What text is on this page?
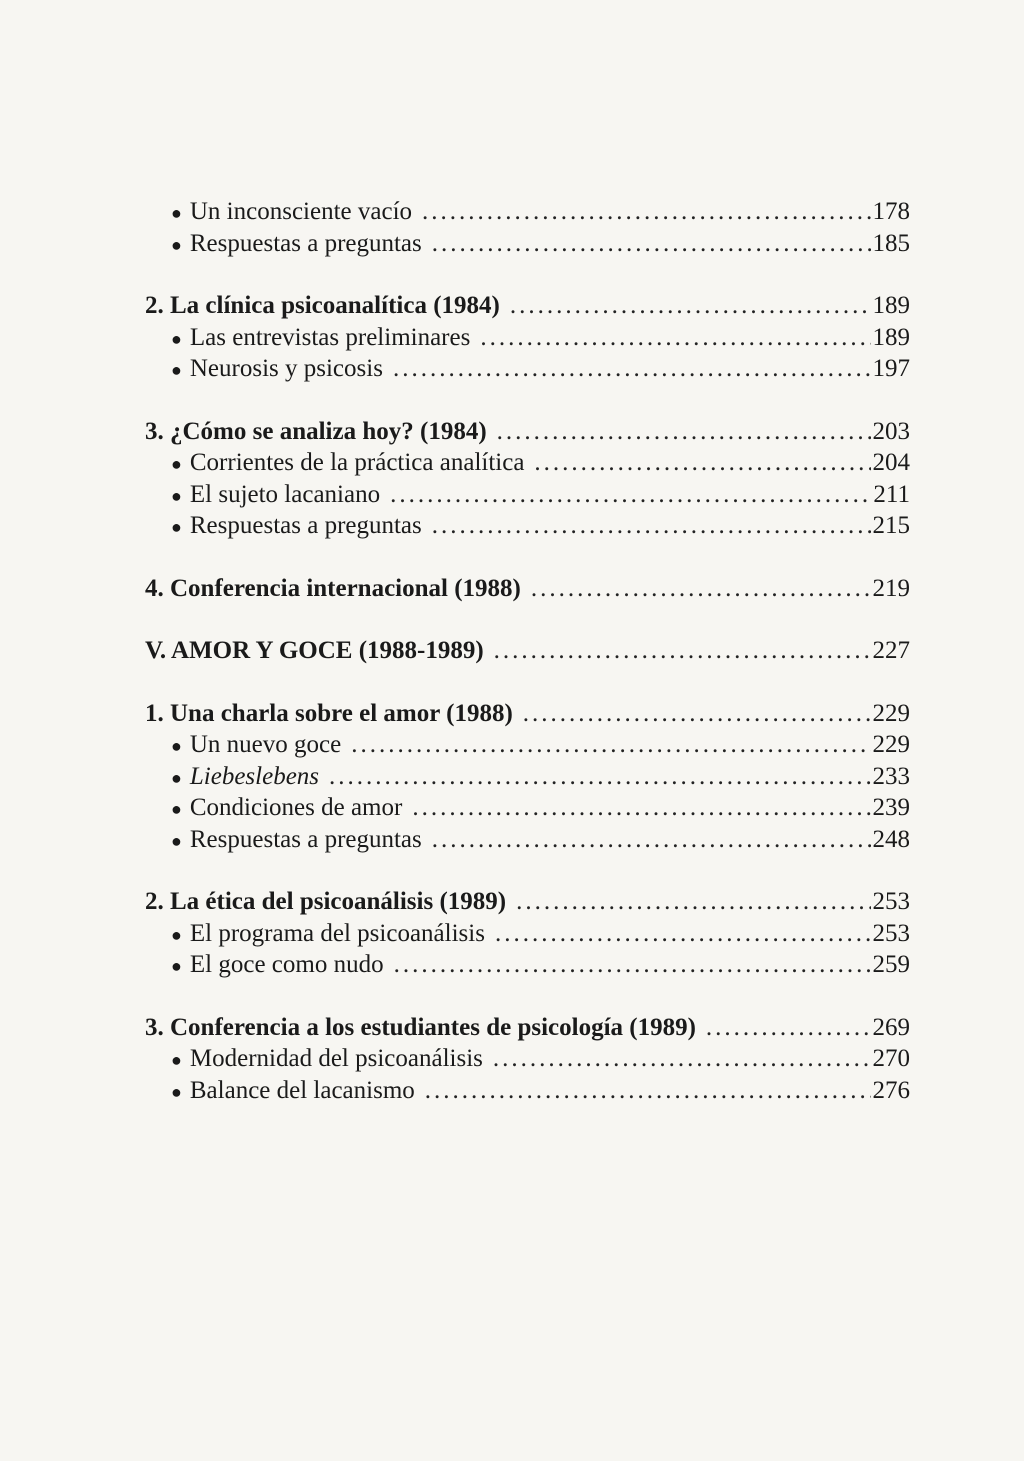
● Un inconsciente vacío .....	178
● Respuestas a preguntas .....	185
2. La clínica psicoanalítica (1984) .....	189
● Las entrevistas preliminares .....	189
● Neurosis y psicosis .....	197
3. ¿Cómo se analiza hoy? (1984) .....	203
● Corrientes de la práctica analítica .....	204
● El sujeto lacaniano .....	211
● Respuestas a preguntas .....	215
4. Conferencia internacional (1988) .....	219
V. AMOR Y GOCE (1988-1989) .....	227
1. Una charla sobre el amor (1988) .....	229
● Un nuevo goce .....	229
● Liebeslebens .....	233
● Condiciones de amor .....	239
● Respuestas a preguntas .....	248
2. La ética del psicoanálisis (1989) .....	253
● El programa del psicoanálisis .....	253
● El goce como nudo .....	259
3. Conferencia a los estudiantes de psicología (1989) .....	269
● Modernidad del psicoanálisis .....	270
● Balance del lacanismo .....	276
